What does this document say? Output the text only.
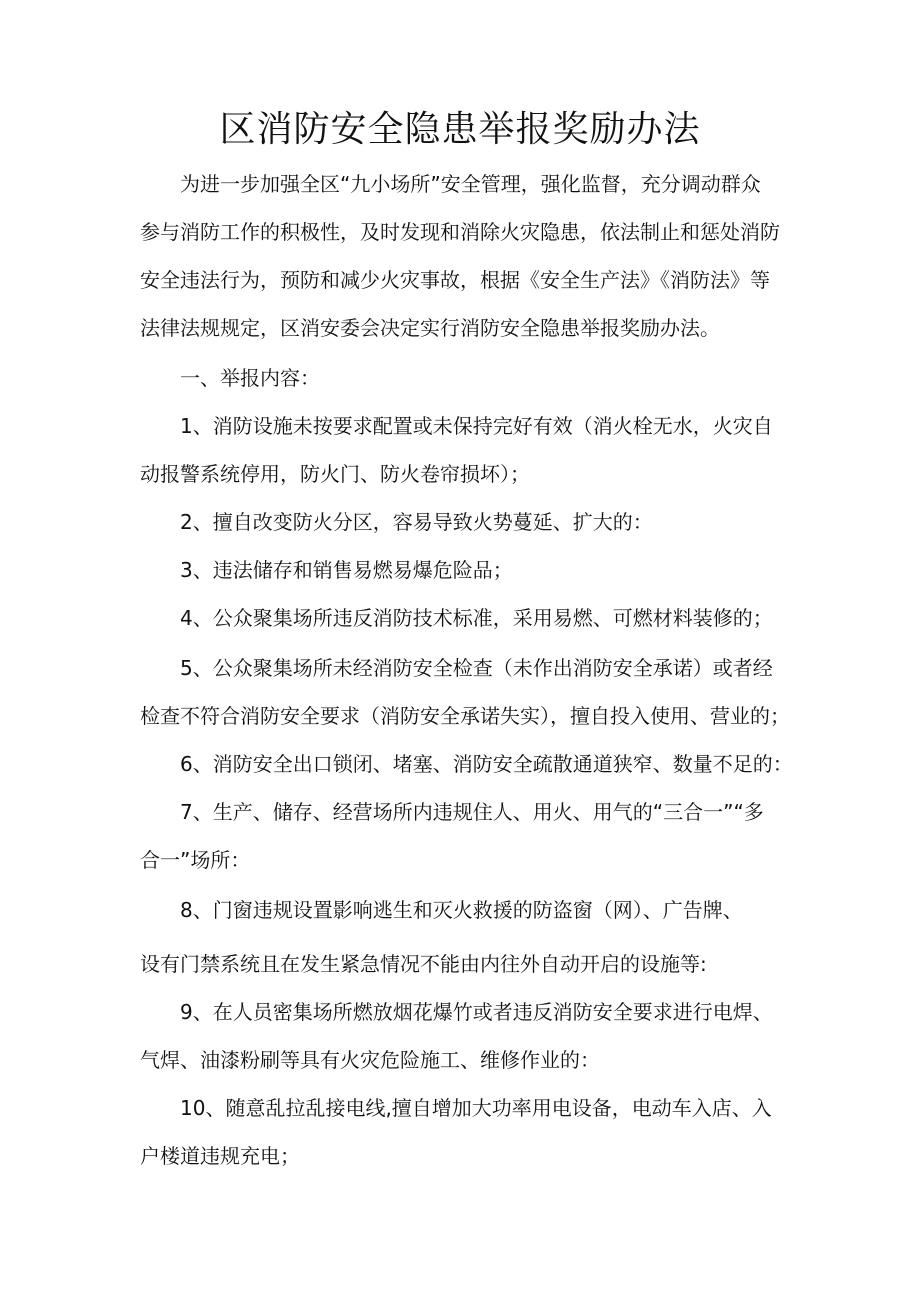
区消防安全隐患举报奖励办法
为进一步加强全区“九小场所”安全管理，强化监督，充分调动群众
参与消防工作的积极性，及时发现和消除火灾隐患，依法制止和惩处消防
安全违法行为，预防和减少火灾事故，根据《安全生产法》《消防法》等
法律法规规定，区消安委会决定实行消防安全隐患举报奖励办法。
一、举报内容：
1、消防设施未按要求配置或未保持完好有效（消火栓无水，火灾自
动报警系统停用，防火门、防火卷帘损坏）；
2、擅自改变防火分区，容易导致火势蔓延、扩大的：
3、违法储存和销售易燃易爆危险品；
4、公众聚集场所违反消防技术标准，采用易燃、可燃材料装修的；
5、公众聚集场所未经消防安全检查（未作出消防安全承诺）或者经
检查不符合消防安全要求（消防安全承诺失实），擅自投入使用、营业的；
6、消防安全出口锁闭、堵塞、消防安全疏散通道狭窄、数量不足的：
7、生产、储存、经营场所内违规住人、用火、用气的“三合一”“多
合一”场所：
8、门窗违规设置影响逃生和灭火救援的防盗窗（网）、广告牌、
设有门禁系统且在发生紧急情况不能由内往外自动开启的设施等:
9、在人员密集场所燃放烟花爆竹或者违反消防安全要求进行电焊、
气焊、油漆粉刷等具有火灾危险施工、维修作业的：
10、随意乱拉乱接电线,擅自增加大功率用电设备，电动车入店、入
户楼道违规充电；
